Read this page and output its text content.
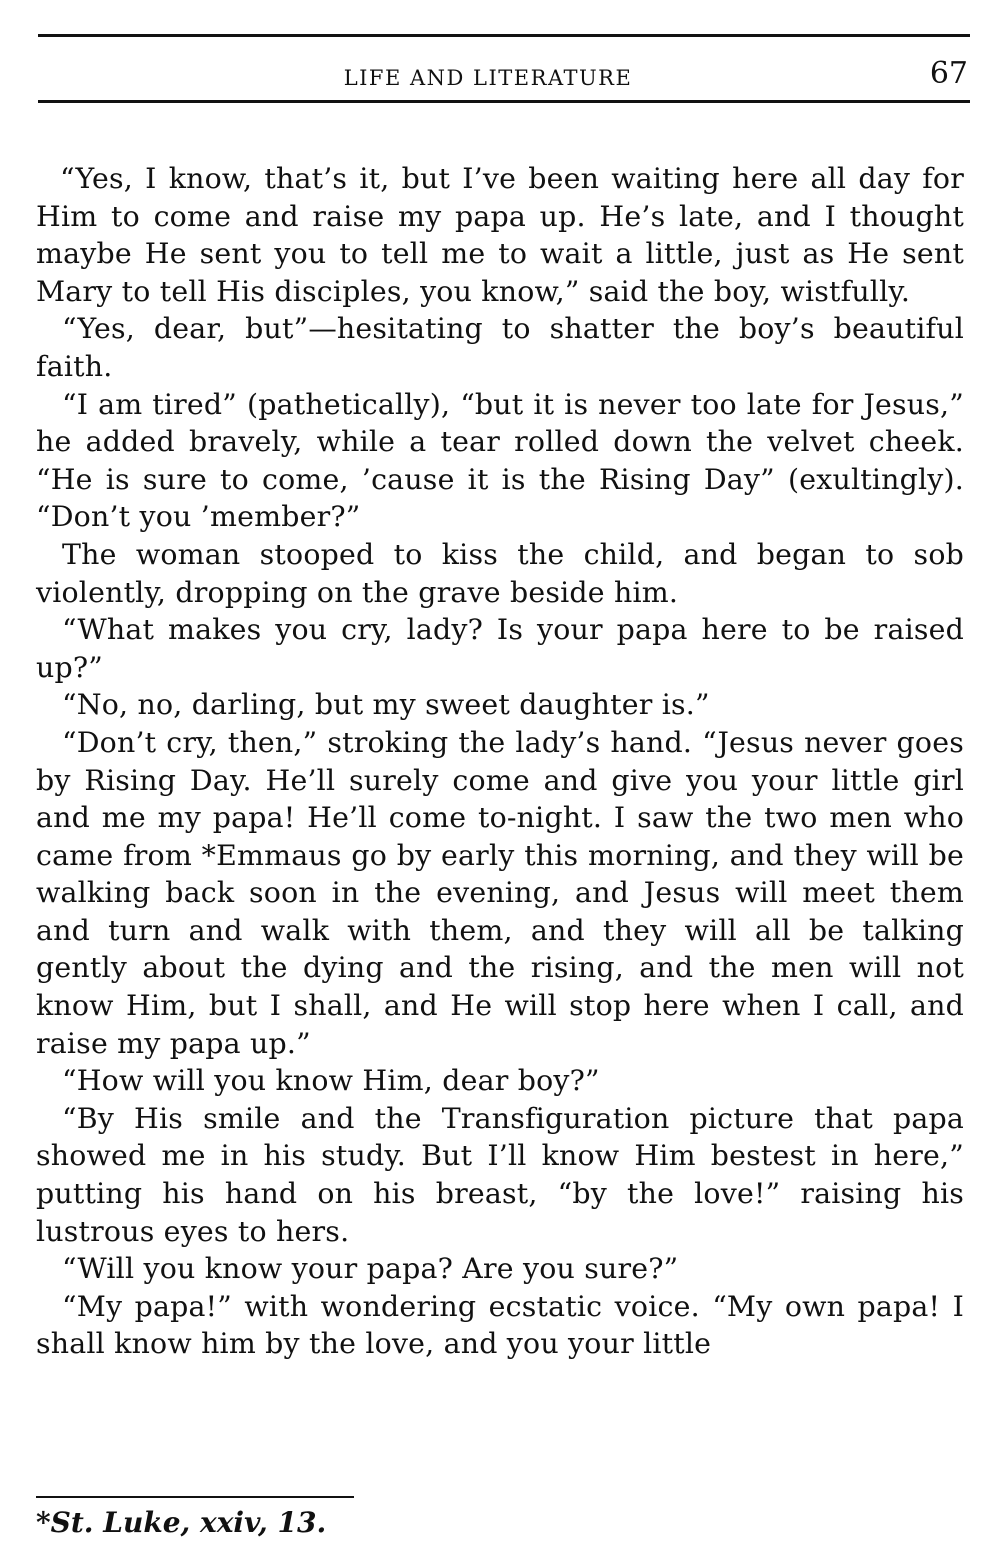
LIFE AND LITERATURE	67

“Yes, I know, that’s it, but I’ve been waiting here all day for Him to come and raise my papa up. He’s late, and I thought maybe He sent you to tell me to wait a little, just as He sent Mary to tell His disciples, you know,” said the boy, wistfully.

“Yes, dear, but”—hesitating to shatter the boy’s beautiful faith.

“I am tired” (pathetically), “but it is never too late for Jesus,” he added bravely, while a tear rolled down the velvet cheek. “He is sure to come, ’cause it is the Rising Day” (exultingly). “Don’t you ’member?”

The woman stooped to kiss the child, and began to sob violently, dropping on the grave beside him.

“What makes you cry, lady? Is your papa here to be raised up?”

“No, no, darling, but my sweet daughter is.”

“Don’t cry, then,” stroking the lady’s hand. “Jesus never goes by Rising Day. He’ll surely come and give you your little girl and me my papa! He’ll come to-night. I saw the two men who came from *Emmaus go by early this morning, and they will be walking back soon in the evening, and Jesus will meet them and turn and walk with them, and they will all be talking gently about the dying and the rising, and the men will not know Him, but I shall, and He will stop here when I call, and raise my papa up.”

“How will you know Him, dear boy?”

“By His smile and the Transfiguration picture that papa showed me in his study. But I’ll know Him bestest in here,” putting his hand on his breast, “by the love!” raising his lustrous eyes to hers.

“Will you know your papa? Are you sure?”

“My papa!” with wondering ecstatic voice. “My own papa! I shall know him by the love, and you your little

*St. Luke, xxiv, 13.
